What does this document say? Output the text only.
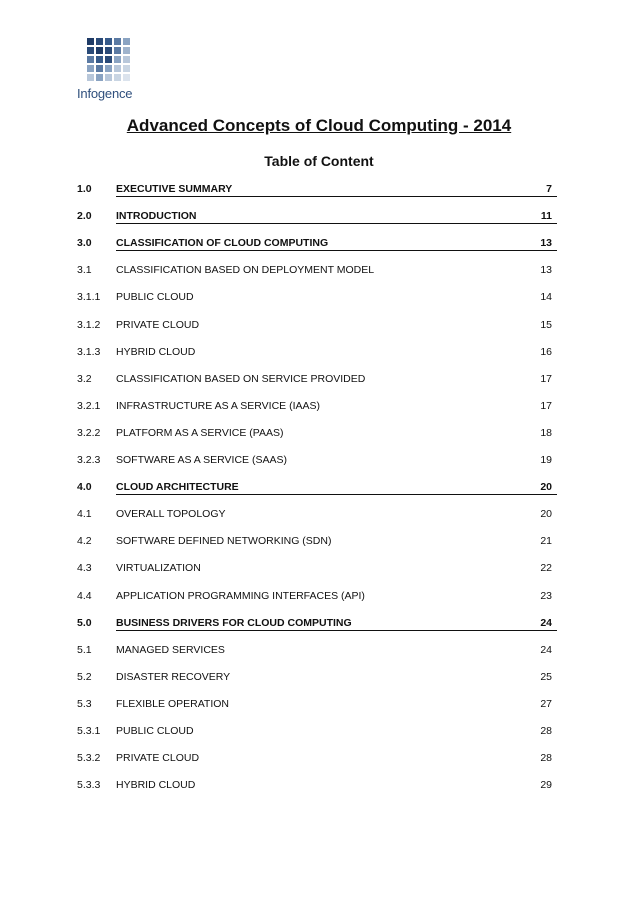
Infogence
Advanced Concepts of Cloud Computing - 2014
Table of Content
1.0 EXECUTIVE SUMMARY	7
2.0 INTRODUCTION	11
3.0 CLASSIFICATION OF CLOUD COMPUTING	13
3.1 CLASSIFICATION BASED ON DEPLOYMENT MODEL	13
3.1.1 PUBLIC CLOUD	14
3.1.2 PRIVATE CLOUD	15
3.1.3 HYBRID CLOUD	16
3.2 CLASSIFICATION BASED ON SERVICE PROVIDED	17
3.2.1 INFRASTRUCTURE AS A SERVICE (IAAS)	17
3.2.2 PLATFORM AS A SERVICE (PAAS)	18
3.2.3 SOFTWARE AS A SERVICE (SAAS)	19
4.0 CLOUD ARCHITECTURE	20
4.1 OVERALL TOPOLOGY	20
4.2 SOFTWARE DEFINED NETWORKING (SDN)	21
4.3 VIRTUALIZATION	22
4.4 APPLICATION PROGRAMMING INTERFACES (API)	23
5.0 BUSINESS DRIVERS FOR CLOUD COMPUTING	24
5.1 MANAGED SERVICES	24
5.2 DISASTER RECOVERY	25
5.3 FLEXIBLE OPERATION	27
5.3.1 PUBLIC CLOUD	28
5.3.2 PRIVATE CLOUD	28
5.3.3 HYBRID CLOUD	29
